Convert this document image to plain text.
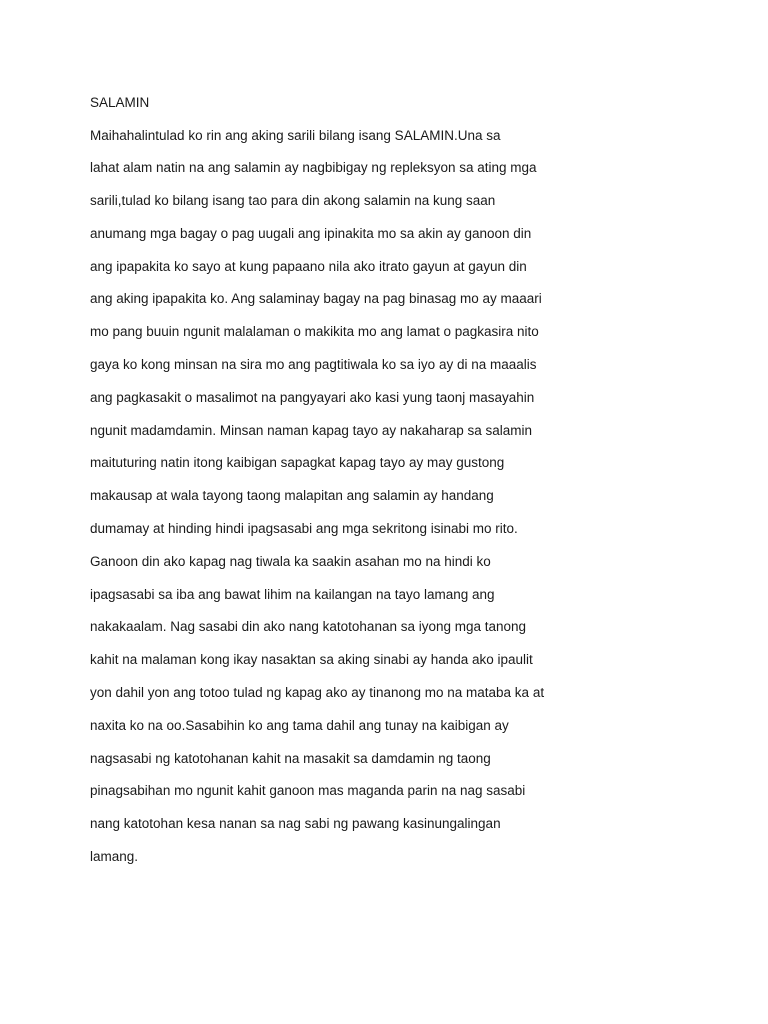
SALAMIN
Maihahalintulad ko rin ang aking sarili bilang isang SALAMIN.Una sa
lahat alam natin na ang salamin ay nagbibigay ng repleksyon sa ating mga
sarili,tulad ko bilang isang tao para din akong salamin na kung saan
anumang mga bagay o pag uugali ang ipinakita mo sa akin ay ganoon din
ang ipapakita ko sayo at kung papaano nila ako itrato gayun at gayun din
ang aking ipapakita ko. Ang salaminay bagay na pag binasag mo ay maaari
mo pang buuin ngunit malalaman o makikita mo ang lamat o pagkasira nito
gaya ko kong minsan na sira mo ang pagtitiwala ko sa iyo ay di na maaalis
ang pagkasakit o masalimot na pangyayari ako kasi yung taonj masayahin
ngunit madamdamin. Minsan naman kapag tayo ay nakaharap sa salamin
maituturing natin itong kaibigan sapagkat kapag tayo ay may gustong
makausap at wala tayong taong malapitan ang salamin ay handang
dumamay at hinding hindi ipagsasabi ang mga sekritong isinabi mo rito.
Ganoon din ako kapag nag tiwala ka saakin asahan mo na hindi ko
ipagsasabi sa iba ang bawat lihim na kailangan na tayo lamang ang
nakakaalam. Nag sasabi din ako nang katotohanan sa iyong mga tanong
kahit na malaman kong ikay nasaktan sa aking sinabi ay handa ako ipaulit
yon dahil yon ang totoo tulad ng kapag ako ay tinanong mo na mataba ka at
naxita ko na oo.Sasabihin ko ang tama dahil ang tunay na kaibigan ay
nagsasabi ng katotohanan kahit na masakit sa damdamin ng taong
pinagsabihan mo ngunit kahit ganoon mas maganda parin na nag sasabi
nang katotohan kesa nanan sa nag sabi ng pawang kasinungalingan
lamang.
